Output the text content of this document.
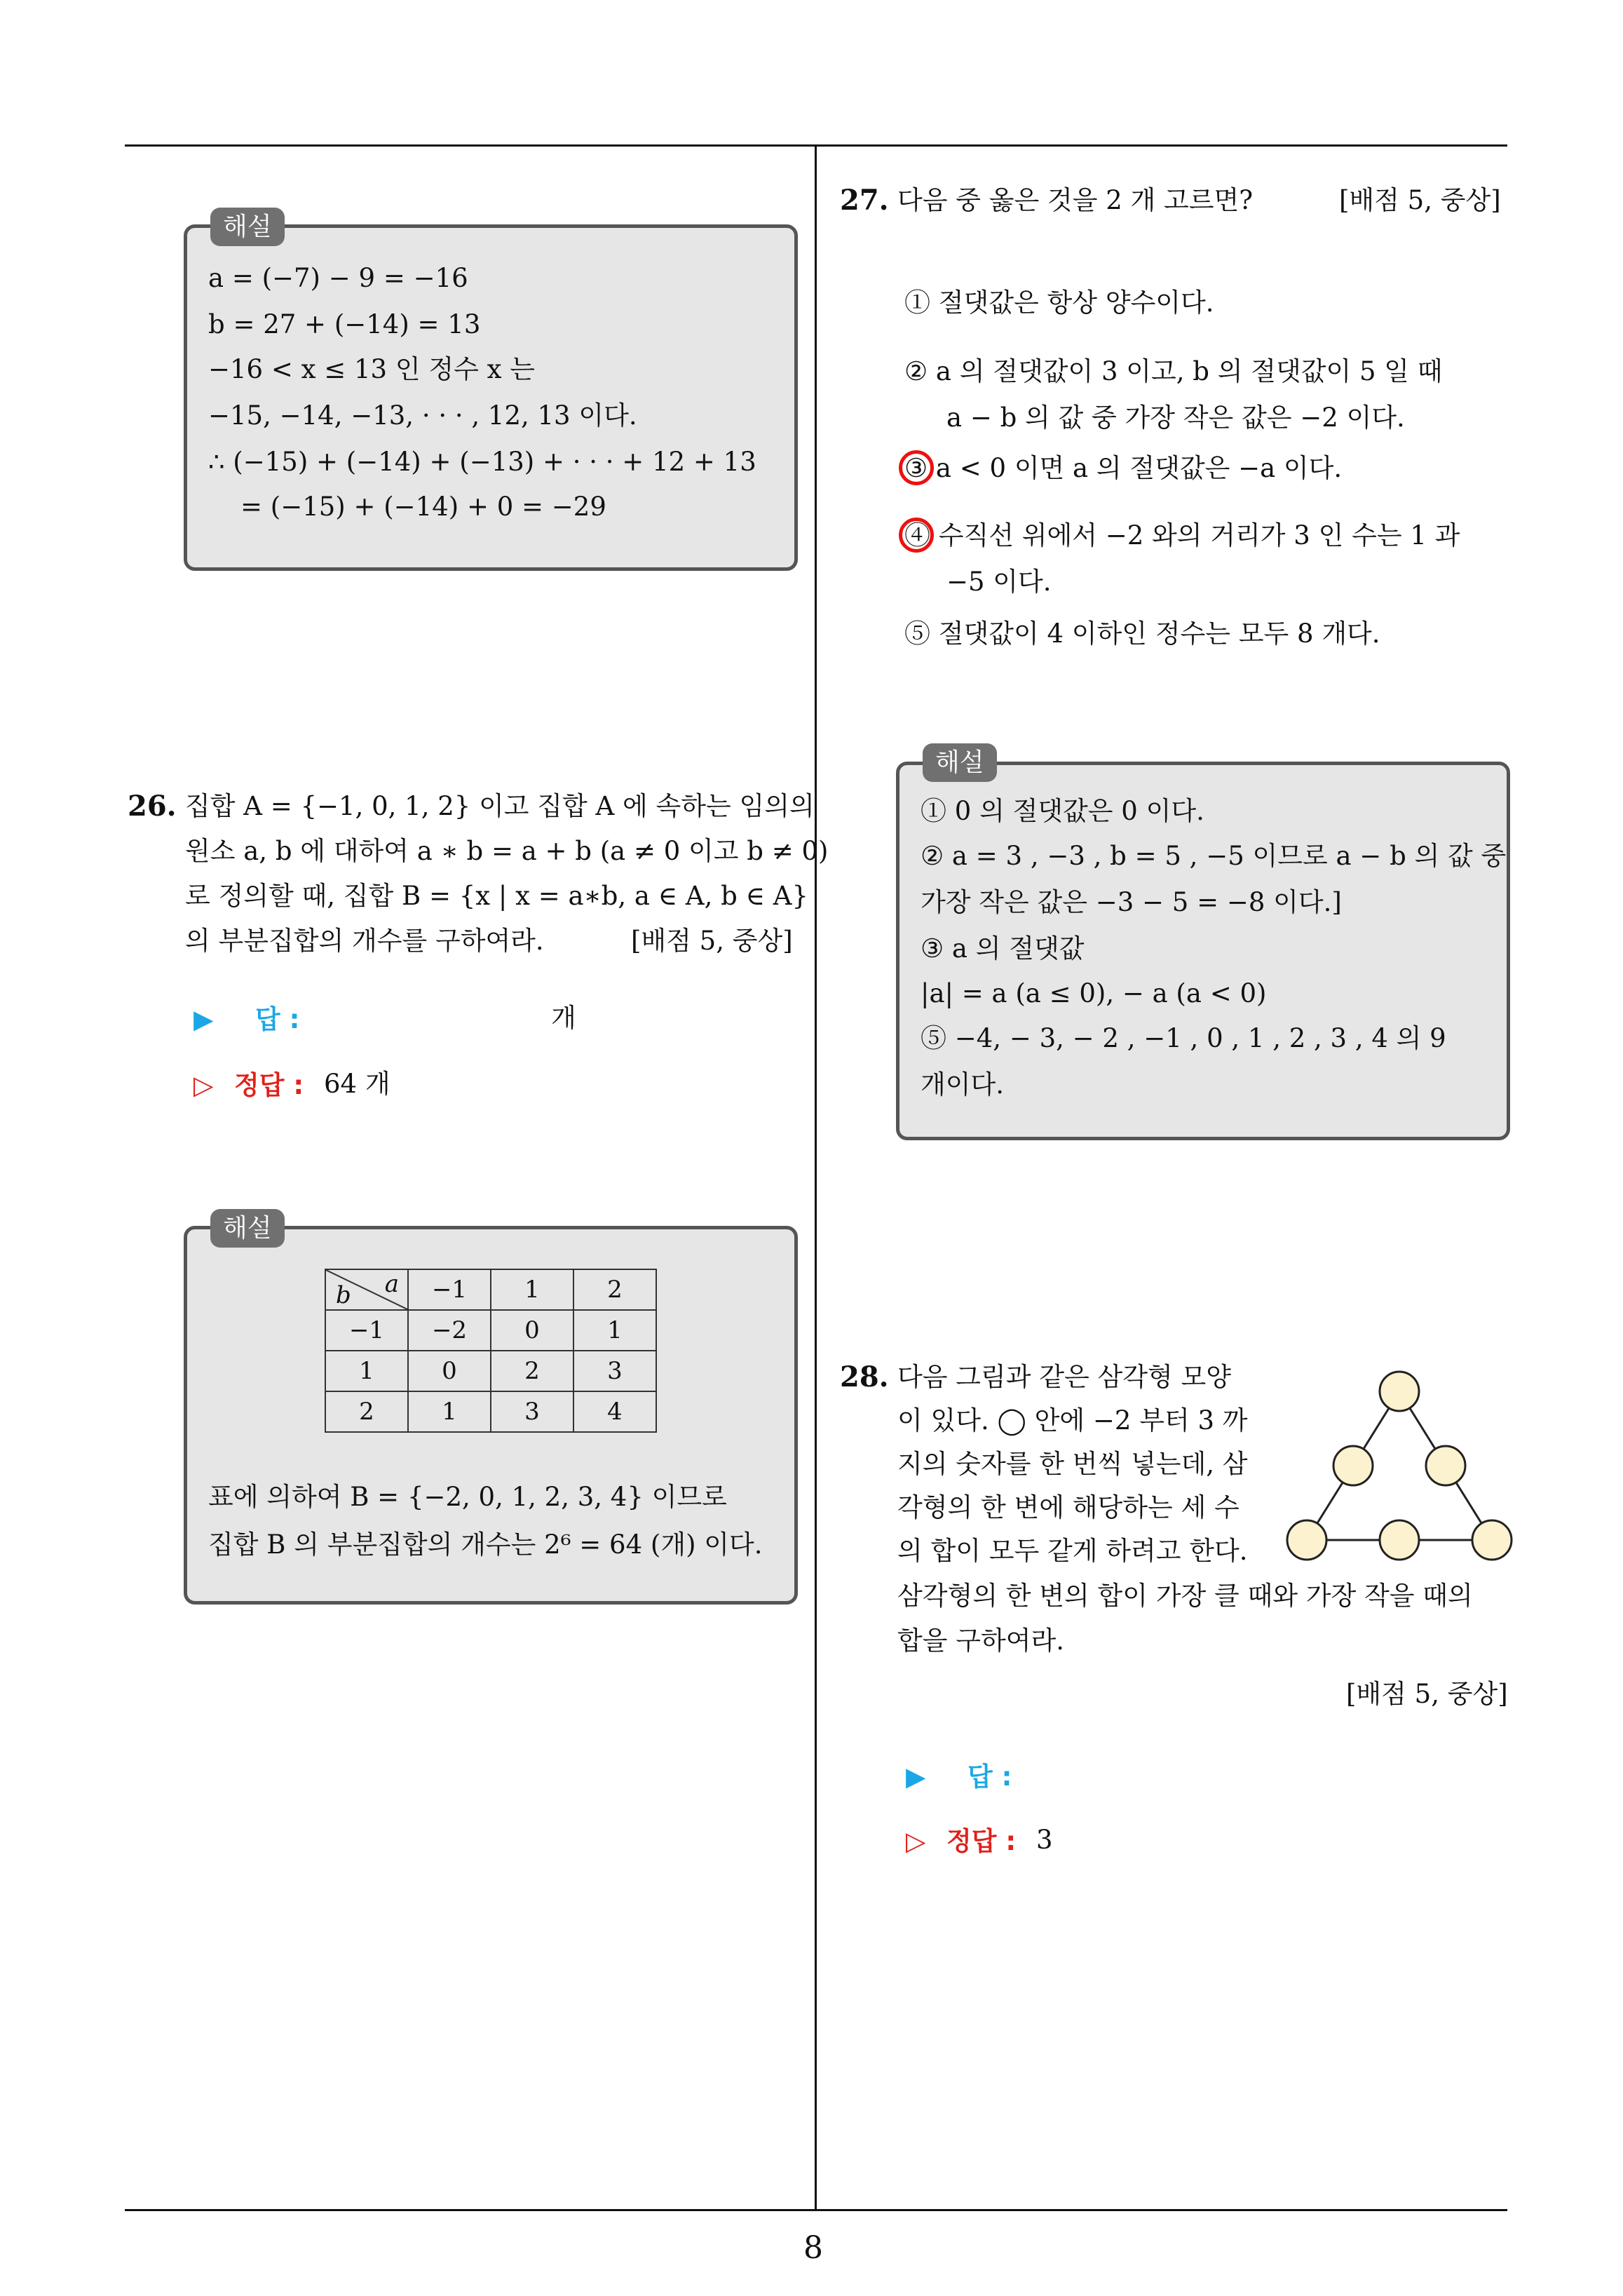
a = (−7) − 9 = −16
b = 27 + (−14) = 13
−16 < x ≤ 13 인 정수 x 는
−15, −14, −13, · · · , 12, 13 이다.
∴ (−15) + (−14) + (−13) + · · · + 12 + 13
= (−15) + (−14) + 0 = −29
해설
26. 집합 A = {−1, 0, 1, 2} 이고 집합 A 에 속하는 임의의
원소 a, b 에 대하여 a ∗ b = a + b (a ≠ 0 이고 b ≠ 0)
로 정의할 때, 집합 B = {x | x = a∗b, a ∈ A, b ∈ A}
의 부분집합의 개수를 구하여라.	[배점 5, 중상]
▶ 답 :	개
▷ 정답 : 64 개
a
b	−1	1	2
−1	−2	0	1
1	0	2	3
2	1	3	4
표에 의하여 B = {−2, 0, 1, 2, 3, 4} 이므로
집합 B 의 부분집합의 개수는 2⁶ = 64 (개) 이다.
해설
27. 다음 중 옳은 것을 2 개 고르면?	[배점 5, 중상]
① 절댓값은 항상 양수이다.
② a 의 절댓값이 3 이고, b 의 절댓값이 5 일 때
a − b 의 값 중 가장 작은 값은 −2 이다.
③ a < 0 이면 a 의 절댓값은 −a 이다.
④ 수직선 위에서 −2 와의 거리가 3 인 수는 1 과
−5 이다.
⑤ 절댓값이 4 이하인 정수는 모두 8 개다.
① 0 의 절댓값은 0 이다.
② a = 3 , −3 , b = 5 , −5 이므로 a − b 의 값 중
가장 작은 값은 −3 − 5 = −8 이다.]
③ a 의 절댓값
|a| = a (a ≤ 0), − a (a < 0)
⑤ −4, − 3, − 2 , −1 , 0 , 1 , 2 , 3 , 4 의 9
개이다.
해설
28. 다음 그림과 같은 삼각형 모양
이 있다. ◯ 안에 −2 부터 3 까
지의 숫자를 한 번씩 넣는데, 삼
각형의 한 변에 해당하는 세 수
의 합이 모두 같게 하려고 한다.
삼각형의 한 변의 합이 가장 클 때와 가장 작을 때의
합을 구하여라.
[배점 5, 중상]
▶ 답 :
▷ 정답 : 3
8
